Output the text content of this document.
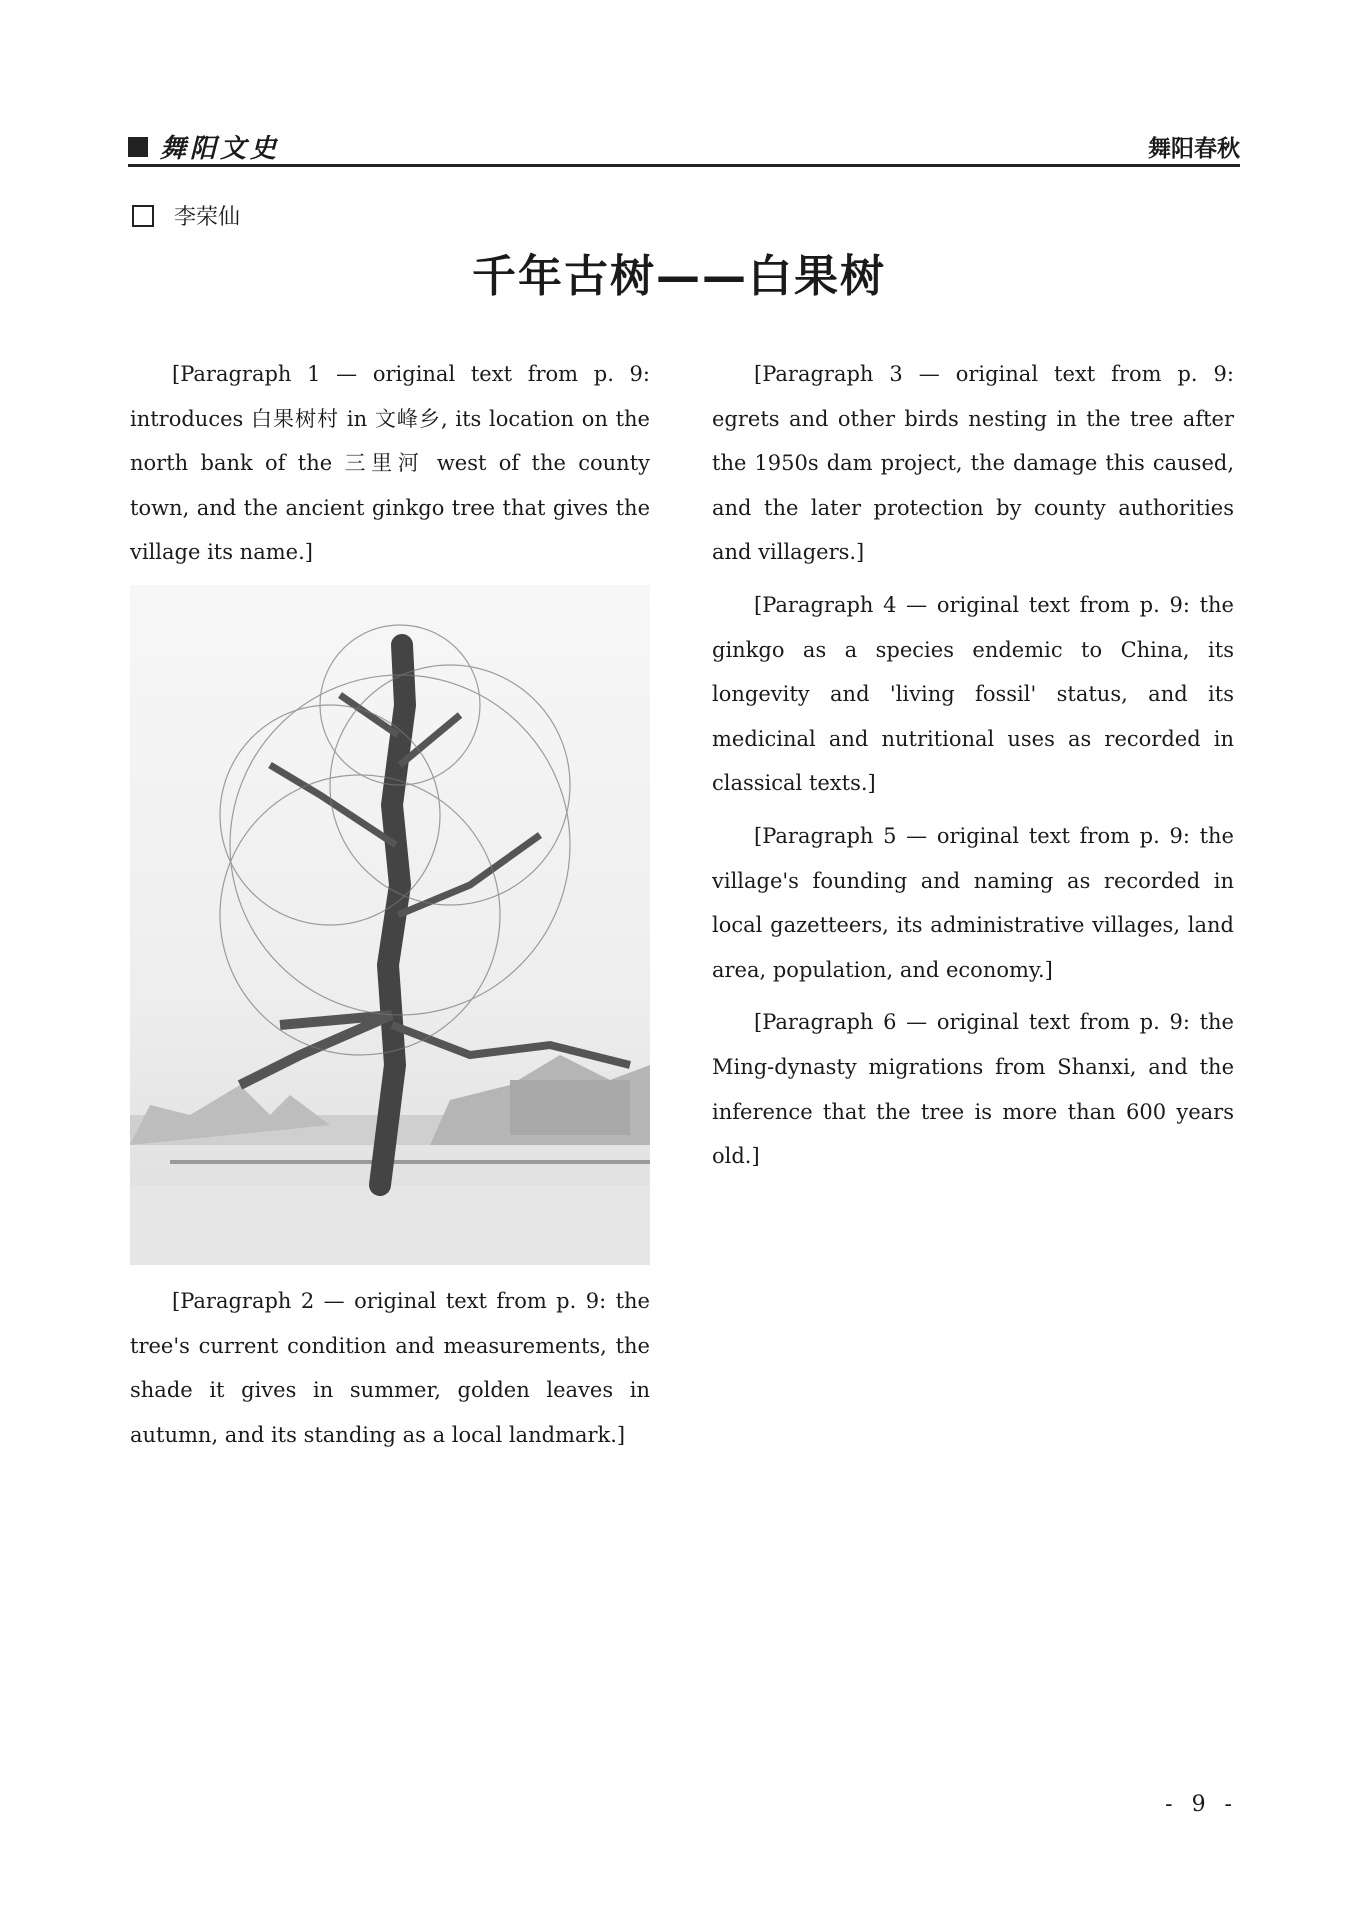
舞阳文史	舞阳春秋
李荣仙
千年古树——白果树

[Paragraph 1 — original text from p. 9: introduces 白果树村 in 文峰乡, its location on the north bank of the 三里河 west of the county town, and the ancient ginkgo tree that gives the village its name.]

[Paragraph 2 — original text from p. 9: the tree's current condition and measurements, the shade it gives in summer, golden leaves in autumn, and its standing as a local landmark.]

[Paragraph 3 — original text from p. 9: egrets and other birds nesting in the tree after the 1950s dam project, the damage this caused, and the later protection by county authorities and villagers.]

[Paragraph 4 — original text from p. 9: the ginkgo as a species endemic to China, its longevity and 'living fossil' status, and its medicinal and nutritional uses as recorded in classical texts.]

[Paragraph 5 — original text from p. 9: the village's founding and naming as recorded in local gazetteers, its administrative villages, land area, population, and economy.]

[Paragraph 6 — original text from p. 9: the Ming-dynasty migrations from Shanxi, and the inference that the tree is more than 600 years old.]

- 9 -
